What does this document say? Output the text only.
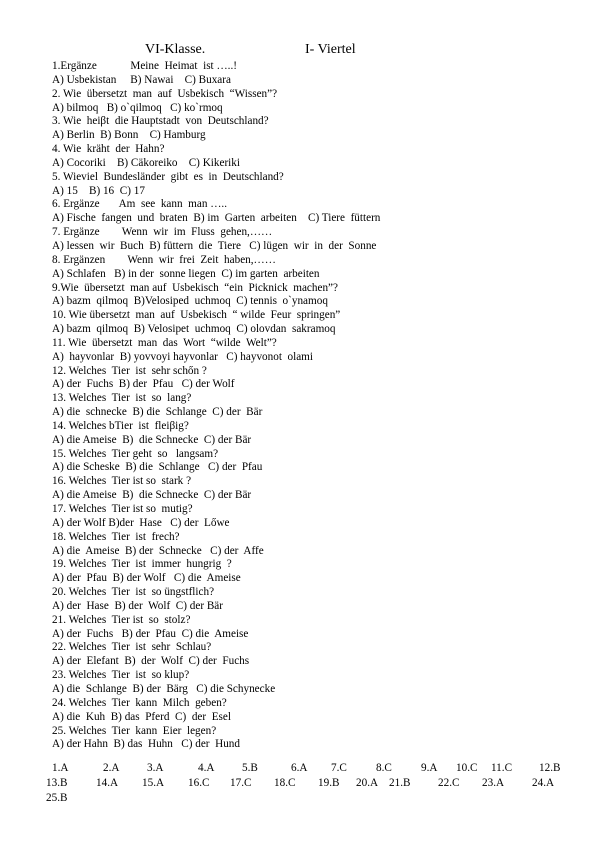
VI-Klasse.	I- Viertel
1.Ergänze            Meine  Heimat  ist …..!
A) Usbekistan     B) Nawai    C) Buxara
2. Wie  übersetzt  man  auf  Usbekisch  “Wissen”?
A) bilmoq   B) o`qilmoq   C) ko`rmoq
3. Wie  heiβt  die Hauptstadt  von  Deutschland?
A) Berlin  B) Bonn    C) Hamburg
4. Wie  kräht  der  Hahn?
A) Cocoriki    B) Cäkoreiko    C) Kikeriki
5. Wieviel  Bundesländer  gibt  es  in  Deutschland?
A) 15    B) 16  C) 17
6. Ergänze       Am  see  kann  man …..
A) Fische  fangen  und  braten  B) im  Garten  arbeiten    C) Tiere  füttern
7. Ergänze        Wenn  wir  im  Fluss  gehen,……
A) lessen  wir  Buch  B) füttern  die  Tiere   C) lügen  wir  in  der  Sonne
8. Ergänzen        Wenn  wir  frei  Zeit  haben,……
A) Schlafen   B) in der  sonne liegen  C) im garten  arbeiten
9.Wie  übersetzt  man auf  Usbekisch  “ein  Picknick  machen”?
A) bazm  qilmoq  B)Velosiped  uchmoq  C) tennis  o`ynamoq
10. Wie übersetzt  man  auf  Usbekisch  “ wilde  Feur  springen”
A) bazm  qilmoq  B) Velosipet  uchmoq  C) olovdan  sakramoq
11. Wie  übersetzt  man  das  Wort  “wilde  Welt”?
A)  hayvonlar  B) yovvoyi hayvonlar   C) hayvonot  olami
12. Welches  Tier  ist  sehr schőn ?
A) der  Fuchs  B) der  Pfau   C) der Wolf
13. Welches  Tier  ist  so  lang?
A) die  schnecke  B) die  Schlange  C) der  Bär
14. Welches bTier  ist  fleiβig?
A) die Ameise  B)  die Schnecke  C) der Bär
15. Welches  Tier geht  so   langsam?
A) die Scheske  B) die  Schlange   C) der  Pfau
16. Welches  Tier ist so  stark ?
A) die Ameise  B)  die Schnecke  C) der Bär
17. Welches  Tier ist so  mutig?
A) der Wolf B)der  Hase   C) der  Lőwe
18. Welches  Tier  ist  frech?
A) die  Ameise  B) der  Schnecke   C) der  Affe
19. Welches  Tier  ist  immer  hungrig  ?
A) der  Pfau  B) der Wolf   C) die  Ameise
20. Welches  Tier  ist  so üngstflich?
A) der  Hase  B) der  Wolf  C) der Bär
21. Welches  Tier ist  so  stolz?
A) der  Fuchs   B) der  Pfau  C) die  Ameise
22. Welches  Tier  ist  sehr  Schlau?
A) der  Elefant  B)  der  Wolf  C) der  Fuchs
23. Welches  Tier  ist  so klup?
A) die  Schlange  B) der  Bärg   C) die Schynecke
24. Welches  Tier  kann  Milch  geben?
A) die  Kuh  B) das  Pferd  C)  der  Esel
25. Welches  Tier  kann  Eier  legen?
A) der Hahn  B) das  Huhn   C) der  Hund
1.A	2.A 3.A	4.A 5.B	6.A 7.C	8.C	9.A 10.C 11.C 12.B
13.B	14.A 15.A 16.C 17.C 18.C 19.B 20.A 21.B 22.C 23.A 24.A
25.B
